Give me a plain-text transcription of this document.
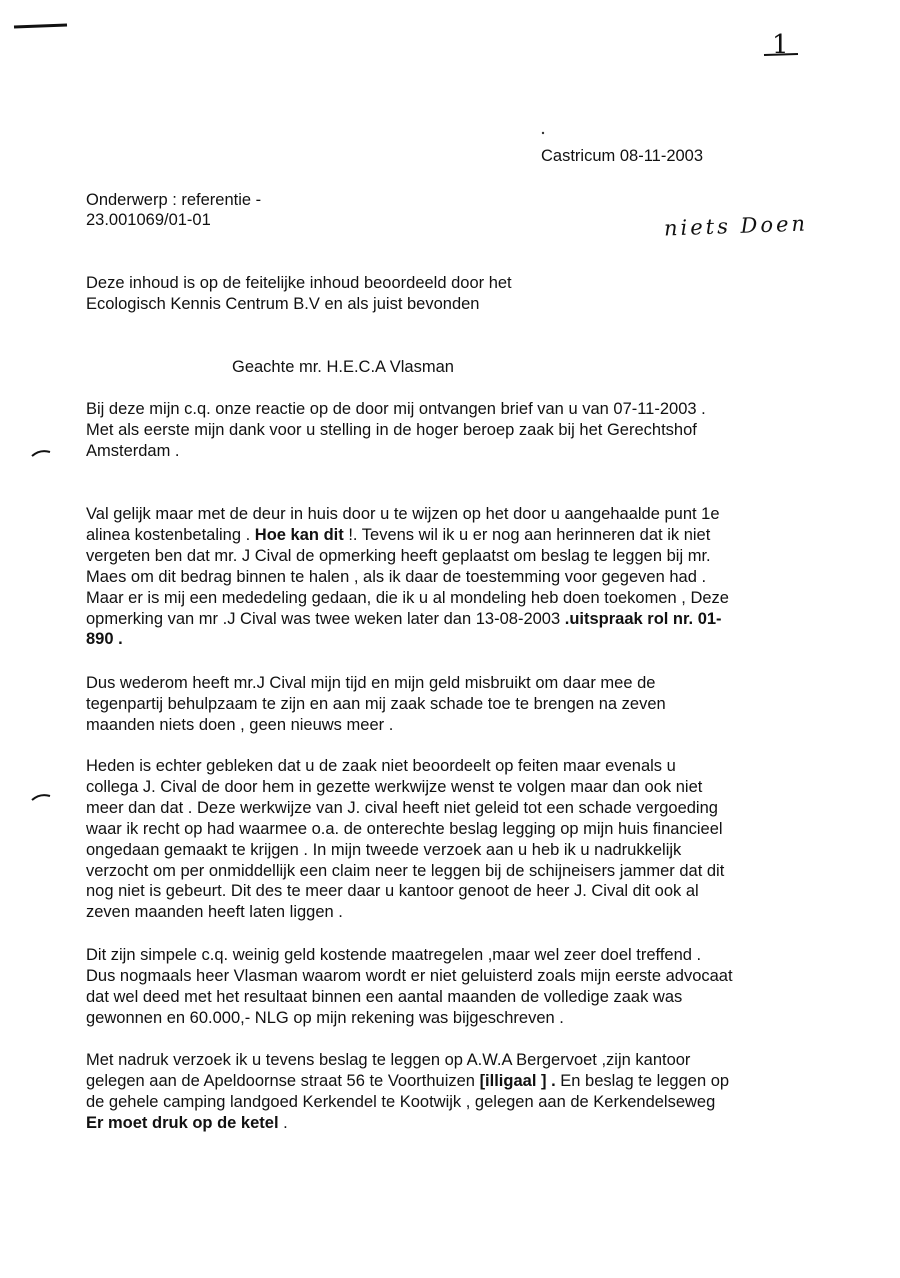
1
Castricum 08-11-2003
Onderwerp : referentie -
23.001069/01-01	niets Doen
Deze inhoud is op de feitelijke inhoud beoordeeld door het
Ecologisch Kennis Centrum B.V en als juist bevonden
Geachte mr. H.E.C.A Vlasman
Bij deze mijn c.q. onze reactie op de door mij ontvangen brief van u van 07-11-2003 .
Met als eerste mijn dank voor u stelling in de hoger beroep zaak bij het Gerechtshof
Amsterdam .
Val gelijk maar met de deur in huis door u te wijzen op het door u aangehaalde punt 1e
alinea kostenbetaling . Hoe kan dit !. Tevens wil ik u er nog aan herinneren dat ik niet
vergeten ben dat mr. J Cival de opmerking heeft geplaatst om beslag te leggen bij mr.
Maes om dit bedrag binnen te halen , als ik daar de toestemming voor gegeven had .
Maar er is mij een mededeling gedaan, die ik u al mondeling heb doen toekomen , Deze
opmerking van mr .J Cival was twee weken later dan 13-08-2003 .uitspraak rol nr. 01-
890 .
Dus wederom heeft mr.J Cival mijn tijd en mijn geld misbruikt om daar mee de
tegenpartij behulpzaam te zijn en aan mij zaak schade toe te brengen na zeven
maanden niets doen , geen nieuws meer .
Heden is echter gebleken dat u de zaak niet beoordeelt op feiten maar evenals u
collega J. Cival de door hem in gezette werkwijze wenst te volgen maar dan ook niet
meer dan dat . Deze werkwijze van J. cival heeft niet geleid tot een schade vergoeding
waar ik recht op had waarmee o.a. de onterechte beslag legging op mijn huis financieel
ongedaan gemaakt te krijgen . In mijn tweede verzoek aan u heb ik u nadrukkelijk
verzocht om per onmiddellijk een claim neer te leggen bij de schijneisers jammer dat dit
nog niet is gebeurt. Dit des te meer daar u kantoor genoot de heer J. Cival dit ook al
zeven maanden heeft laten liggen .
Dit zijn simpele c.q. weinig geld kostende maatregelen ,maar wel zeer doel treffend .
Dus nogmaals heer Vlasman waarom wordt er niet geluisterd zoals mijn eerste advocaat
dat wel deed met het resultaat binnen een aantal maanden de volledige zaak was
gewonnen en 60.000,- NLG op mijn rekening was bijgeschreven .
Met nadruk verzoek ik u tevens beslag te leggen op A.W.A Bergervoet ,zijn kantoor
gelegen aan de Apeldoornse straat 56 te Voorthuizen [illigaal ] . En beslag te leggen op
de gehele camping landgoed Kerkendel te Kootwijk , gelegen aan de Kerkendelseweg
Er moet druk op de ketel .
